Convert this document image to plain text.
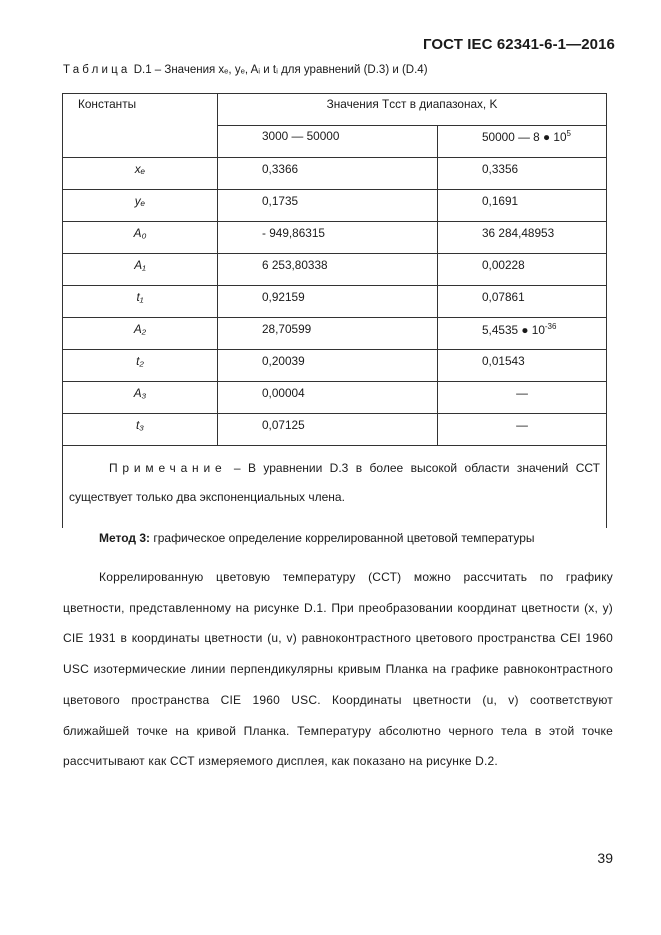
ГОСТ IEC 62341-6-1—2016
Таблица D.1 – Значения xₑ, yₑ, Aᵢ и tᵢ для уравнений (D.3) и (D.4)
Константы	Значения Tсст в диапазонах, K	
	3000 — 50000	50000 — 8 ● $10^5$
xₑ	0,3366	0,3356
yₑ	0,1735	0,1691
A₀	- 949,86315	36 284,48953
A₁	6 253,80338	0,00228
t₁	0,92159	0,07861
A₂	28,70599	5,4535 ● $10^{-36}$
t₂	0,20039	0,01543
A₃	0,00004	—
t₃	0,07125	—
Примечание – В уравнении D.3 в более высокой области значений ССТ существует только два экспоненциальных члена.		
Метод 3: графическое определение коррелированной цветовой температуры
Коррелированную цветовую температуру (ССТ) можно рассчитать по графику цветности, представленному на рисунке D.1. При преобразовании координат цветности (x, y) CIE 1931 в координаты цветности (u, v) равноконтрастного цветового пространства CEI 1960 USC изотермические линии перпендикулярны кривым Планка на графике равноконтрастного цветового пространства CIE 1960 USC. Координаты цветности (u, v) соответствуют ближайшей точке на кривой Планка. Температуру абсолютно черного тела в этой точке рассчитывают как ССТ измеряемого дисплея, как показано на рисунке D.2.
39
